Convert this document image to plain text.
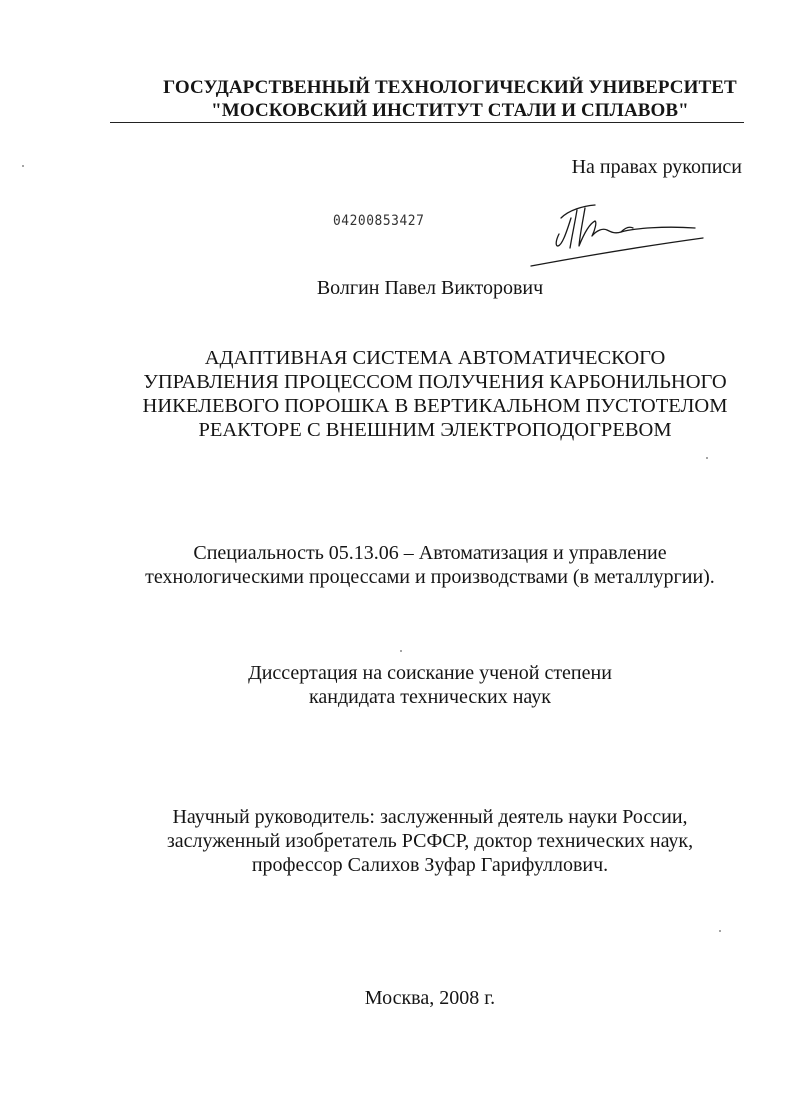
ГОСУДАРСТВЕННЫЙ ТЕХНОЛОГИЧЕСКИЙ УНИВЕРСИТЕТ
"МОСКОВСКИЙ ИНСТИТУТ СТАЛИ И СПЛАВОВ"
На правах рукописи
04200853427
Волгин Павел Викторович
АДАПТИВНАЯ СИСТЕМА АВТОМАТИЧЕСКОГО
УПРАВЛЕНИЯ ПРОЦЕССОМ ПОЛУЧЕНИЯ КАРБОНИЛЬНОГО
НИКЕЛЕВОГО ПОРОШКА В ВЕРТИКАЛЬНОМ ПУСТОТЕЛОМ
РЕАКТОРЕ С ВНЕШНИМ ЭЛЕКТРОПОДОГРЕВОМ
Специальность 05.13.06 – Автоматизация и управление
технологическими процессами и производствами (в металлургии).
Диссертация на соискание ученой степени
кандидата технических наук
Научный руководитель: заслуженный деятель науки России,
заслуженный изобретатель РСФСР, доктор технических наук,
профессор Салихов Зуфар Гарифуллович.
Москва, 2008 г.
